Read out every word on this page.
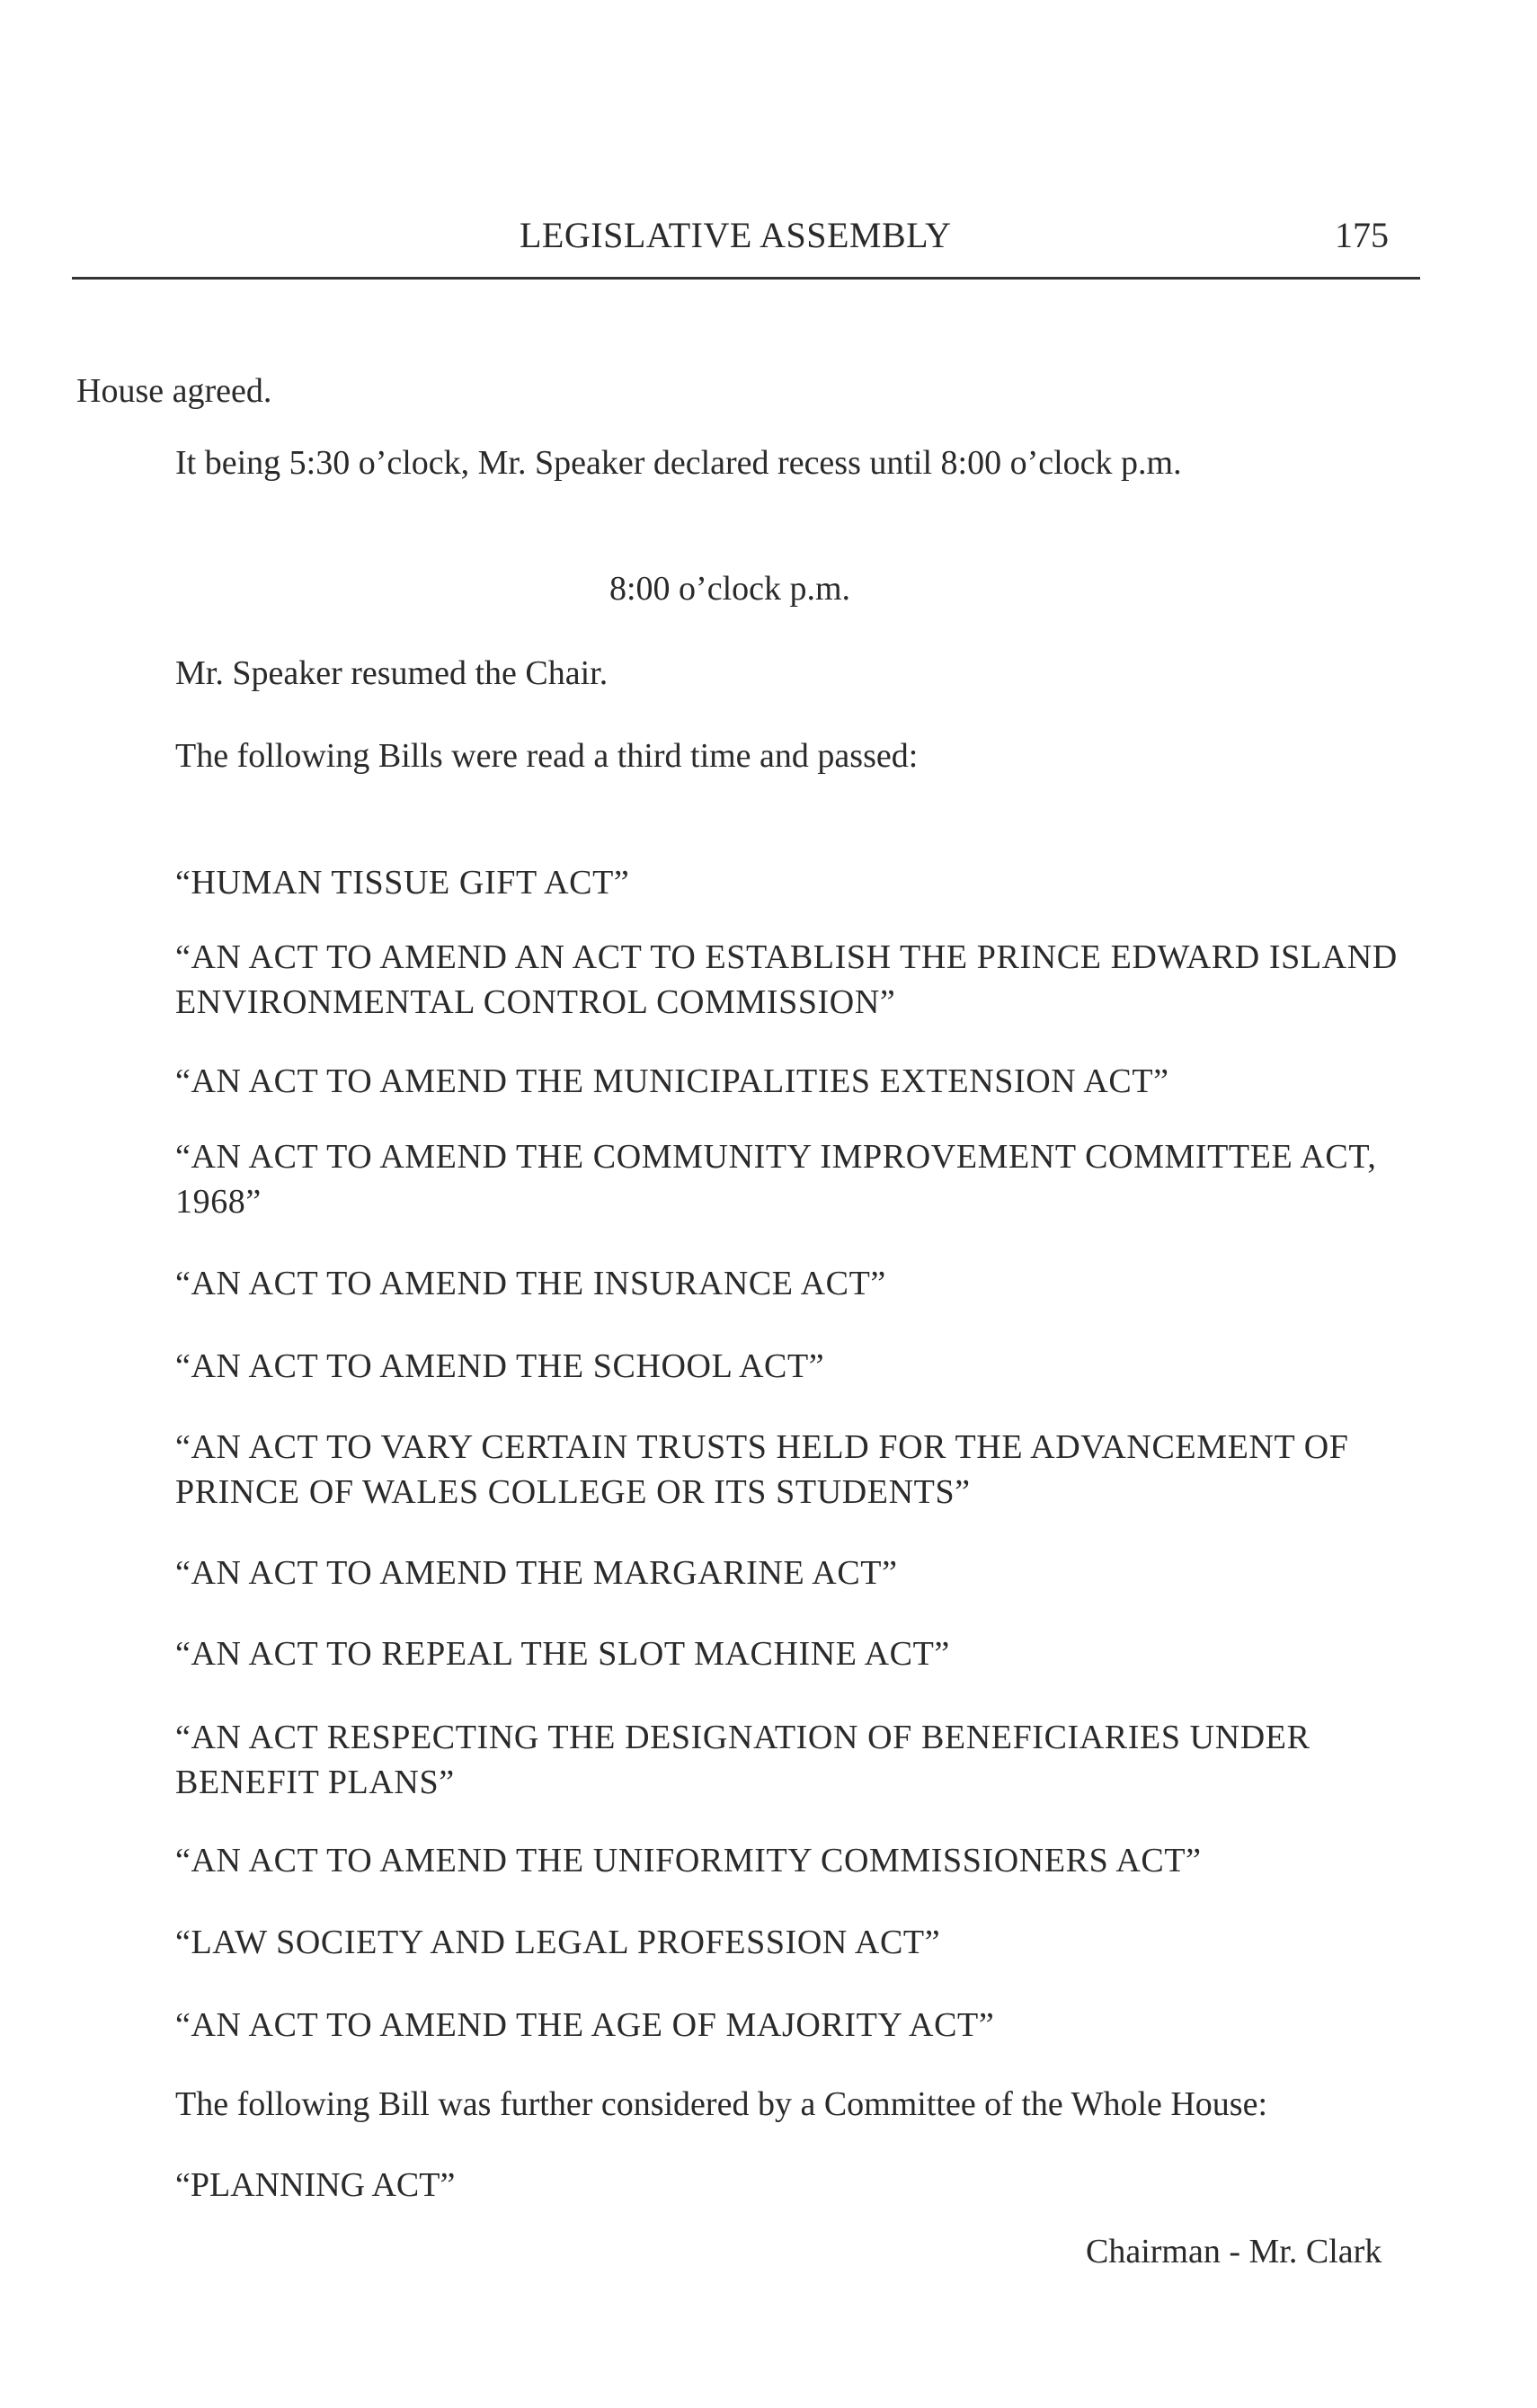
LEGISLATIVE ASSEMBLY	175
House agreed.
It being 5:30 o’clock, Mr. Speaker declared recess until 8:00 o’clock p.m.
8:00 o’clock p.m.
Mr. Speaker resumed the Chair.
The following Bills were read a third time and passed:
“HUMAN TISSUE GIFT ACT”
“AN ACT TO AMEND AN ACT TO ESTABLISH THE PRINCE EDWARD ISLAND ENVIRONMENTAL CONTROL COMMISSION”
“AN ACT TO AMEND THE MUNICIPALITIES EXTENSION ACT”
“AN ACT TO AMEND THE COMMUNITY IMPROVEMENT COMMITTEE ACT, 1968”
“AN ACT TO AMEND THE INSURANCE ACT”
“AN ACT TO AMEND THE SCHOOL ACT”
“AN ACT TO VARY CERTAIN TRUSTS HELD FOR THE ADVANCEMENT OF PRINCE OF WALES COLLEGE OR ITS STUDENTS”
“AN ACT TO AMEND THE MARGARINE ACT”
“AN ACT TO REPEAL THE SLOT MACHINE ACT”
“AN ACT RESPECTING THE DESIGNATION OF BENEFICIARIES UNDER BENEFIT PLANS”
“AN ACT TO AMEND THE UNIFORMITY COMMISSIONERS ACT”
“LAW SOCIETY AND LEGAL PROFESSION ACT”
“AN ACT TO AMEND THE AGE OF MAJORITY ACT”
The following Bill was further considered by a Committee of the Whole House:
“PLANNING ACT”
Chairman - Mr. Clark
